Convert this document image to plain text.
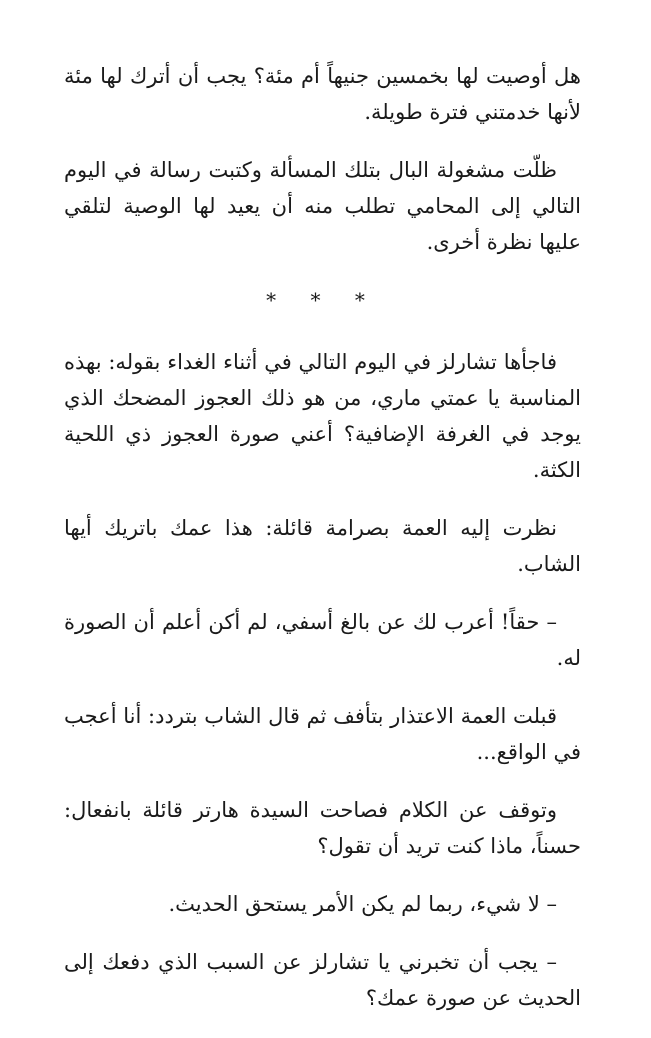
هل أوصيت لها بخمسين جنيهاً أم مئة؟ يجب أن أترك لها مئة لأنها خدمتني فترة طويلة.

ظلّت مشغولة البال بتلك المسألة وكتبت رسالة في اليوم التالي إلى المحامي تطلب منه أن يعيد لها الوصية لتلقي عليها نظرة أخرى.

* * *

فاجأها تشارلز في اليوم التالي في أثناء الغداء بقوله: بهذه المناسبة يا عمتي ماري، من هو ذلك العجوز المضحك الذي يوجد في الغرفة الإضافية؟ أعني صورة العجوز ذي اللحية الكثة.

نظرت إليه العمة بصرامة قائلة: هذا عمك باتريك أيها الشاب.

– حقاً! أعرب لك عن بالغ أسفي، لم أكن أعلم أن الصورة له.

قبلت العمة الاعتذار بتأفف ثم قال الشاب بتردد: أنا أعجب في الواقع...

وتوقف عن الكلام فصاحت السيدة هارتر قائلة بانفعال: حسناً، ماذا كنت تريد أن تقول؟

– لا شيء، ربما لم يكن الأمر يستحق الحديث.

– يجب أن تخبرني يا تشارلز عن السبب الذي دفعك إلى الحديث عن صورة عمك؟
